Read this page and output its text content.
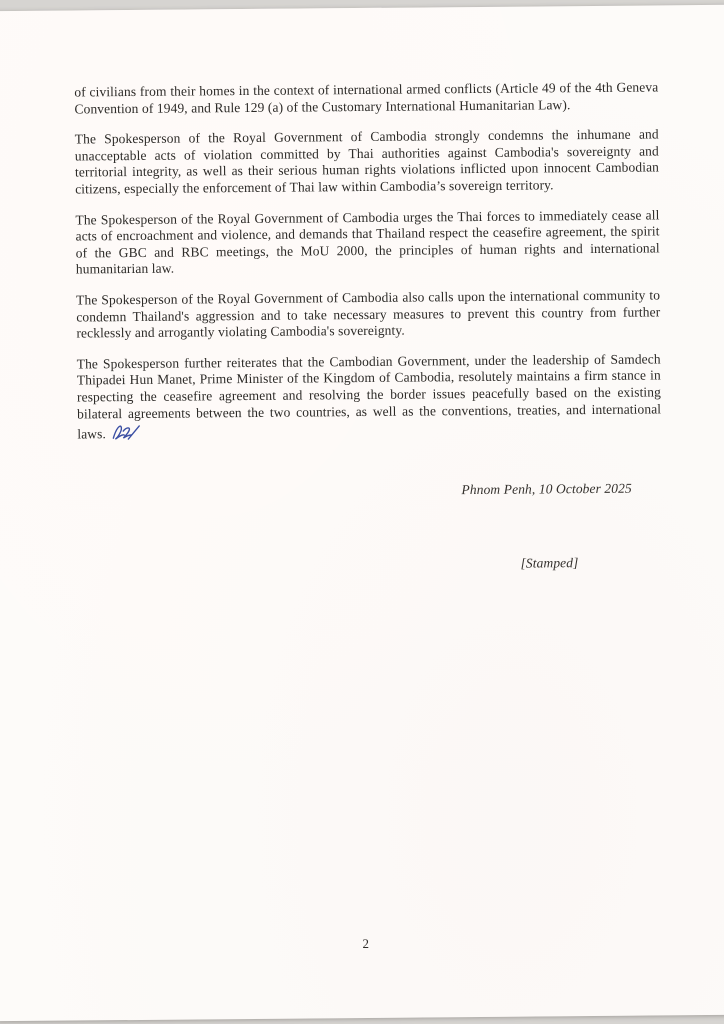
of civilians from their homes in the context of international armed conflicts (Article 49 of the 4th Geneva Convention of 1949, and Rule 129 (a) of the Customary International Humanitarian Law).

The Spokesperson of the Royal Government of Cambodia strongly condemns the inhumane and unacceptable acts of violation committed by Thai authorities against Cambodia's sovereignty and territorial integrity, as well as their serious human rights violations inflicted upon innocent Cambodian citizens, especially the enforcement of Thai law within Cambodia’s sovereign territory.

The Spokesperson of the Royal Government of Cambodia urges the Thai forces to immediately cease all acts of encroachment and violence, and demands that Thailand respect the ceasefire agreement, the spirit of the GBC and RBC meetings, the MoU 2000, the principles of human rights and international humanitarian law.

The Spokesperson of the Royal Government of Cambodia also calls upon the international community to condemn Thailand's aggression and to take necessary measures to prevent this country from further recklessly and arrogantly violating Cambodia's sovereignty.

The Spokesperson further reiterates that the Cambodian Government, under the leadership of Samdech Thipadei Hun Manet, Prime Minister of the Kingdom of Cambodia, resolutely maintains a firm stance in respecting the ceasefire agreement and resolving the border issues peacefully based on the existing bilateral agreements between the two countries, as well as the conventions, treaties, and international laws.

Phnom Penh, 10 October 2025
[Stamped]
2
